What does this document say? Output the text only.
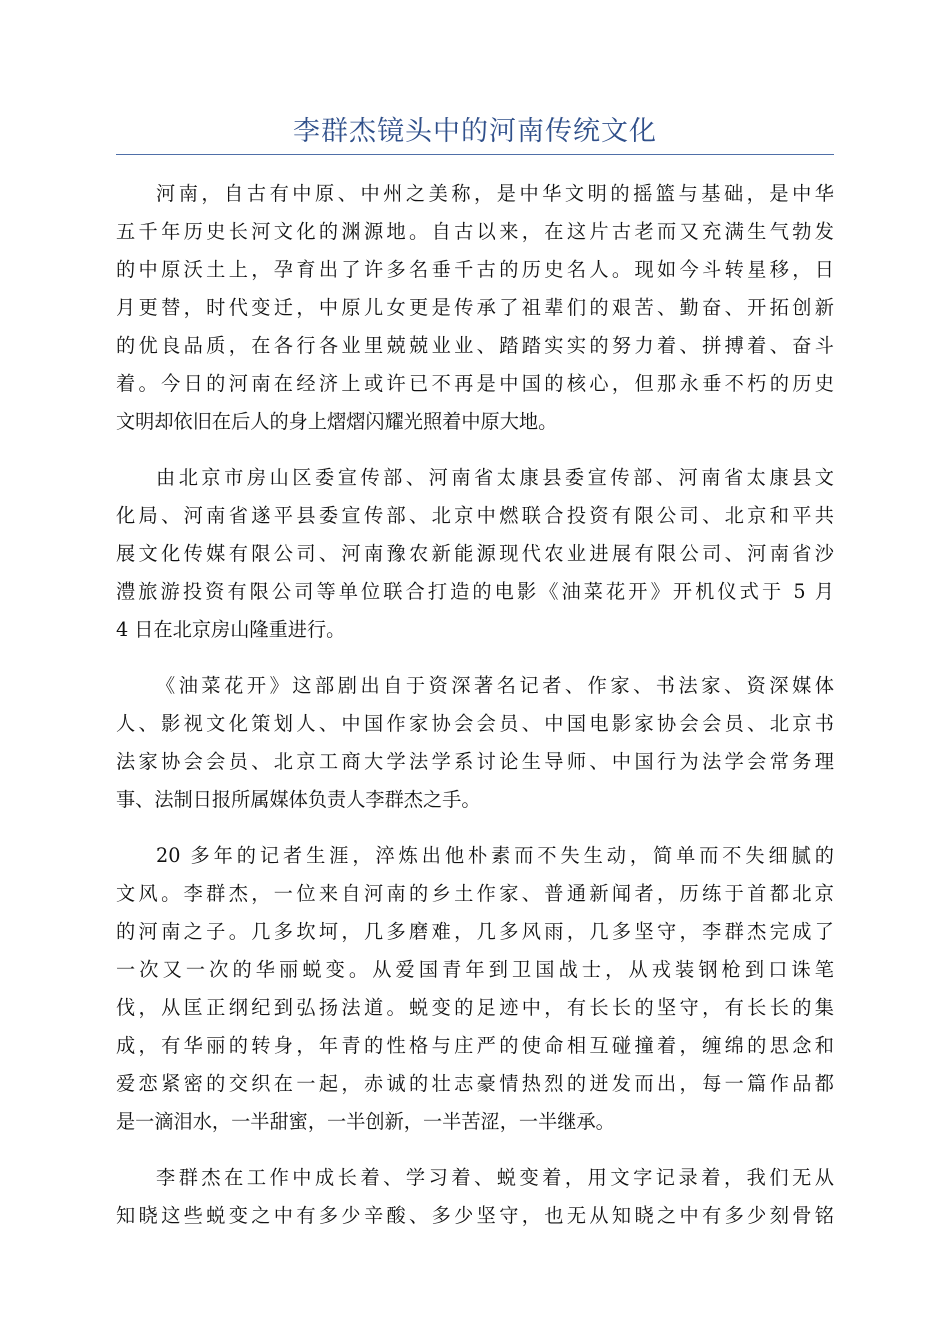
李群杰镜头中的河南传统文化
河南，自古有中原、中州之美称，是中华文明的摇篮与基础，是中华
五千年历史长河文化的渊源地。自古以来，在这片古老而又充满生气勃发
的中原沃土上，孕育出了许多名垂千古的历史名人。现如今斗转星移，日
月更替，时代变迁，中原儿女更是传承了祖辈们的艰苦、勤奋、开拓创新
的优良品质，在各行各业里兢兢业业、踏踏实实的努力着、拼搏着、奋斗
着。今日的河南在经济上或许已不再是中国的核心，但那永垂不朽的历史
文明却依旧在后人的身上熠熠闪耀光照着中原大地。
由北京市房山区委宣传部、河南省太康县委宣传部、河南省太康县文
化局、河南省遂平县委宣传部、北京中燃联合投资有限公司、北京和平共
展文化传媒有限公司、河南豫农新能源现代农业进展有限公司、河南省沙
澧旅游投资有限公司等单位联合打造的电影《油菜花开》开机仪式于 5 月
4 日在北京房山隆重进行。
《油菜花开》这部剧出自于资深著名记者、作家、书法家、资深媒体
人、影视文化策划人、中国作家协会会员、中国电影家协会会员、北京书
法家协会会员、北京工商大学法学系讨论生导师、中国行为法学会常务理
事、法制日报所属媒体负责人李群杰之手。
20 多年的记者生涯，淬炼出他朴素而不失生动，简单而不失细腻的
文风。李群杰，一位来自河南的乡土作家、普通新闻者，历练于首都北京
的河南之子。几多坎坷，几多磨难，几多风雨，几多坚守，李群杰完成了
一次又一次的华丽蜕变。从爱国青年到卫国战士，从戎装钢枪到口诛笔
伐，从匡正纲纪到弘扬法道。蜕变的足迹中，有长长的坚守，有长长的集
成，有华丽的转身，年青的性格与庄严的使命相互碰撞着，缠绵的思念和
爱恋紧密的交织在一起，赤诚的壮志豪情热烈的迸发而出，每一篇作品都
是一滴泪水，一半甜蜜，一半创新，一半苦涩，一半继承。
李群杰在工作中成长着、学习着、蜕变着，用文字记录着，我们无从
知晓这些蜕变之中有多少辛酸、多少坚守，也无从知晓之中有多少刻骨铭
